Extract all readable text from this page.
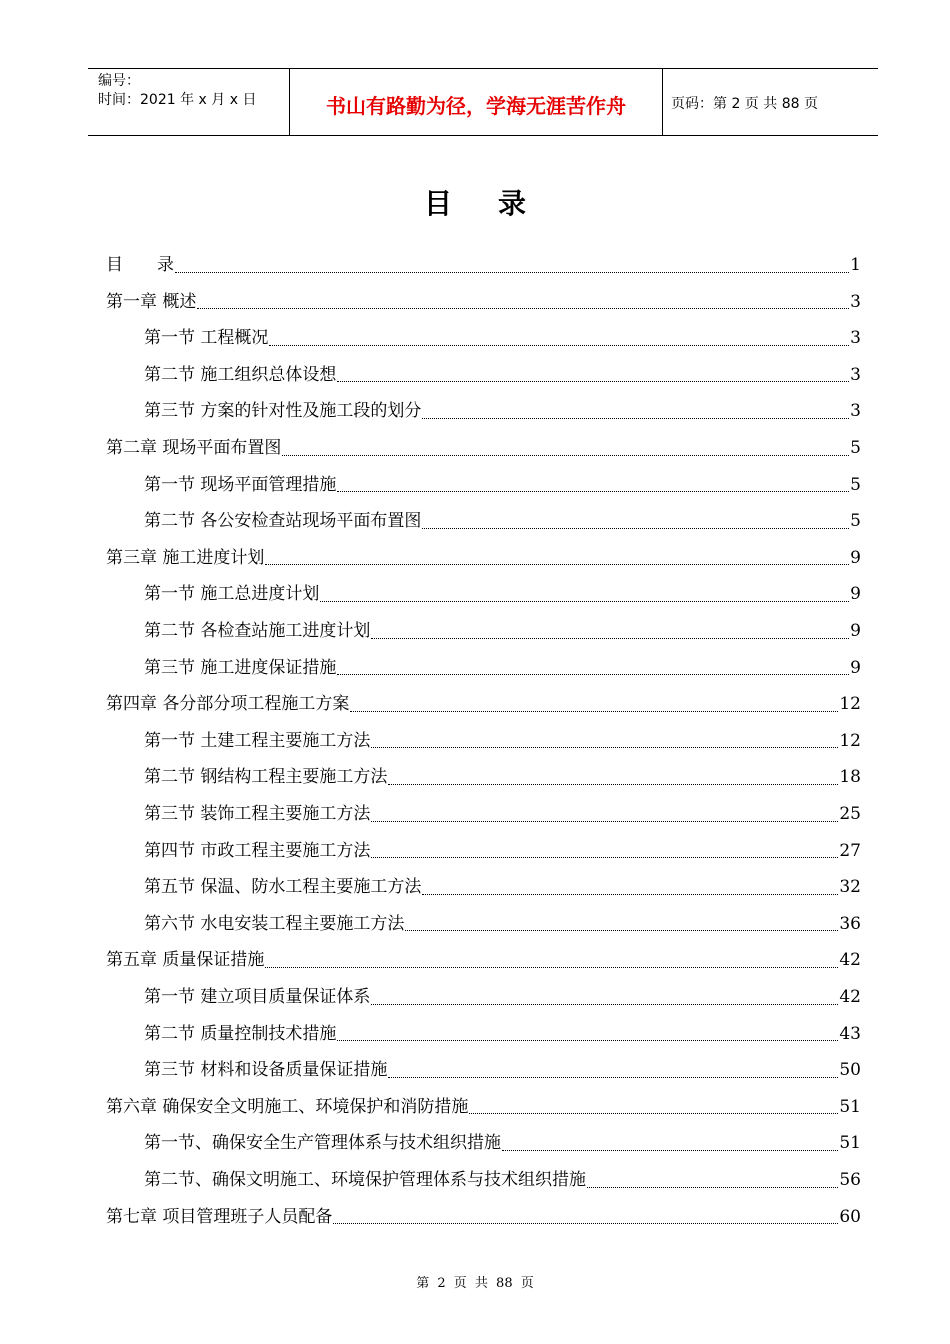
编号：
时间：2021 年 x 月 x 日	书山有路勤为径，学海无涯苦作舟	页码：第 2 页 共 88 页
目录
目　　录	1
第一章 概述	3
第一节 工程概况	3
第二节 施工组织总体设想	3
第三节 方案的针对性及施工段的划分	3
第二章 现场平面布置图	5
第一节 现场平面管理措施	5
第二节 各公安检查站现场平面布置图	5
第三章 施工进度计划	9
第一节 施工总进度计划	9
第二节 各检查站施工进度计划	9
第三节 施工进度保证措施	9
第四章 各分部分项工程施工方案	12
第一节 土建工程主要施工方法	12
第二节 钢结构工程主要施工方法	18
第三节 装饰工程主要施工方法	25
第四节 市政工程主要施工方法	27
第五节 保温、防水工程主要施工方法	32
第六节 水电安装工程主要施工方法	36
第五章 质量保证措施	42
第一节 建立项目质量保证体系	42
第二节 质量控制技术措施	43
第三节 材料和设备质量保证措施	50
第六章 确保安全文明施工、环境保护和消防措施	51
第一节、确保安全生产管理体系与技术组织措施	51
第二节、确保文明施工、环境保护管理体系与技术组织措施	56
第七章 项目管理班子人员配备	60
第 2 页 共 88 页
